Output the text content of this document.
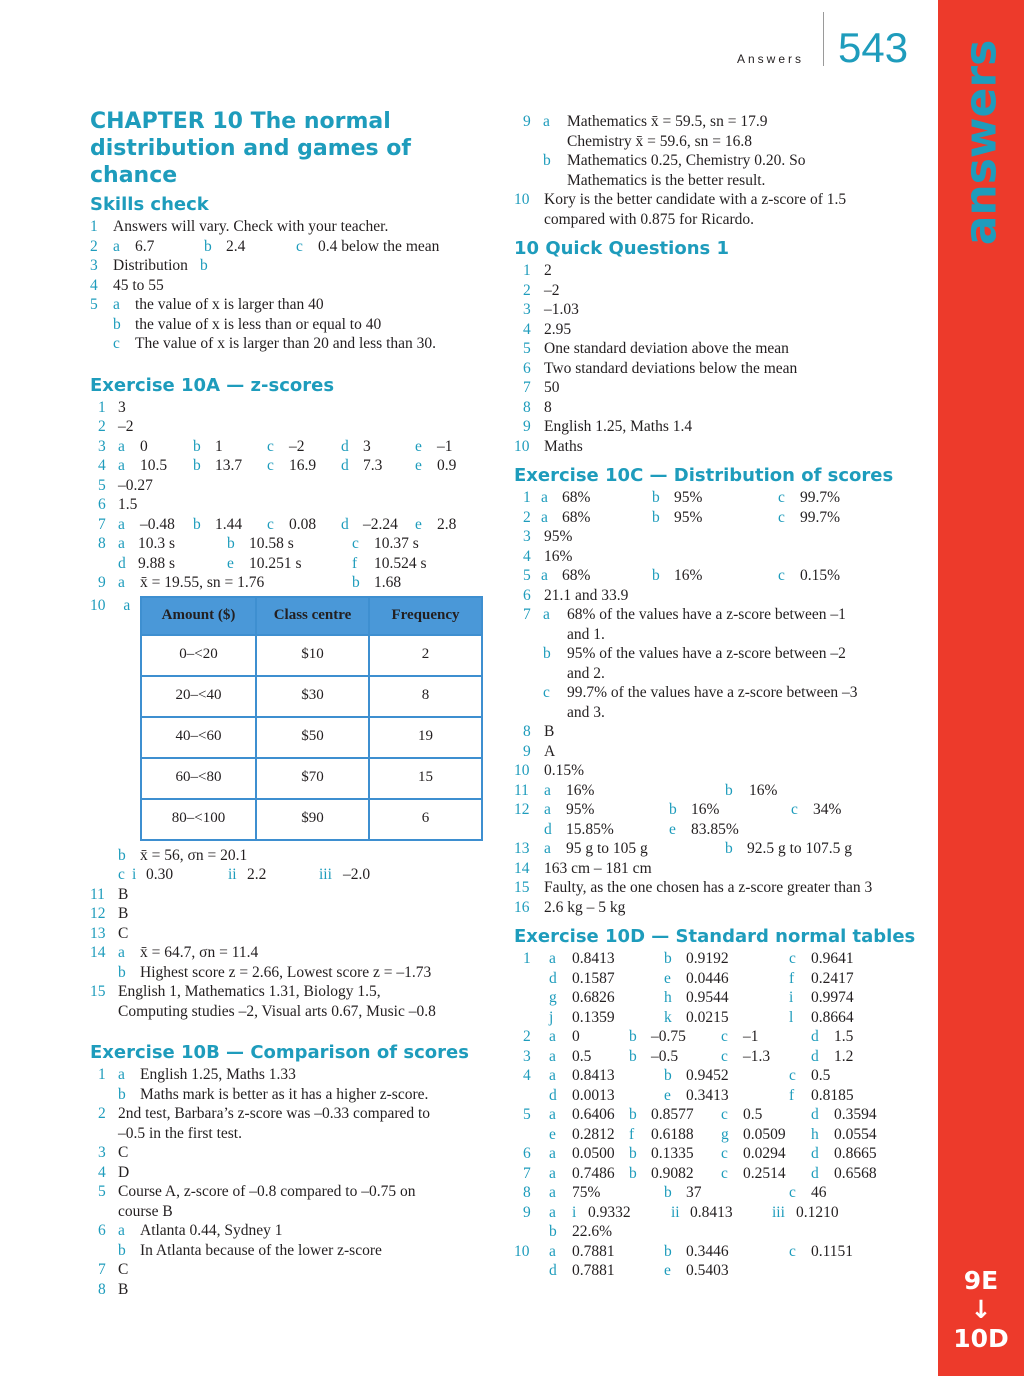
Answers 543 answers
9E
↓
10D
CHAPTER 10 The normal distribution and games of chance
Skills check
1 Answers will vary. Check with your teacher.
2 a 6.7	b 2.4	c 0.4 below the mean
3 Distribution b
4 45 to 55
5 a the value of x is larger than 40
b the value of x is less than or equal to 40
c The value of x is larger than 20 and less than 30.
Exercise 10A — z-scores
1 3
2 –2
3 a 0	b 1	c –2 d 3	e –1
4 a 10.5 b 13.7 c 16.9 d 7.3 e 0.9
5 –0.27
6 1.5
7 a –0.48 b 1.44 c 0.08 d –2.24 e 2.8
8 a 10.3 s	b 10.58 s	c 10.37 s
d 9.88 s	e 10.251 s	f 10.524 s
9 a x̄ = 19.55, sn = 1.76	b 1.68
10 a
Amount ($)	Class centre	Frequency
0–<20	$10	2
20–<40	$30	8
40–<60	$50	19
60–<80	$70	15
80–<100	$90	6
b x̄ = 56, σn = 20.1
c i 0.30	ii 2.2	iii –2.0
11 B
12 B
13 C
14 a x̄ = 64.7, σn = 11.4
b Highest score z = 2.66, Lowest score z = –1.73
15 English 1, Mathematics 1.31, Biology 1.5,
Computing studies –2, Visual arts 0.67, Music –0.8
Exercise 10B — Comparison of scores
1 a English 1.25, Maths 1.33
b Maths mark is better as it has a higher z-score.
2 2nd test, Barbara’s z-score was –0.33 compared to
–0.5 in the first test.
3 C
4 D
5 Course A, z-score of –0.8 compared to –0.75 on
course B
6 a Atlanta 0.44, Sydney 1
b In Atlanta because of the lower z-score
7 C
8 B
9 a Mathematics x̄ = 59.5, sn = 17.9
Chemistry x̄ = 59.6, sn = 16.8
b Mathematics 0.25, Chemistry 0.20. So
Mathematics is the better result.
10 Kory is the better candidate with a z-score of 1.5
compared with 0.875 for Ricardo.
10 Quick Questions 1
1 2
2 –2
3 –1.03
4 2.95
5 One standard deviation above the mean
6 Two standard deviations below the mean
7 50
8 8
9 English 1.25, Maths 1.4
10 Maths
Exercise 10C — Distribution of scores
1 a 68%	b 95%	c 99.7%
2 a 68%	b 95%	c 99.7%
3 95%
4 16%
5 a 68%	b 16%	c 0.15%
6 21.1 and 33.9
7 a 68% of the values have a z-score between –1
and 1.
b 95% of the values have a z-score between –2
and 2.
c 99.7% of the values have a z-score between –3
and 3.
8 B
9 A
10 0.15%
11 a 16%	b 16%
12 a 95%	b 16%	c 34%
d 15.85%	e 83.85%
13 a 95 g to 105 g	b 92.5 g to 107.5 g
14 163 cm – 181 cm
15 Faulty, as the one chosen has a z-score greater than 3
16 2.6 kg – 5 kg
Exercise 10D — Standard normal tables
1 a 0.8413	b 0.9192	c 0.9641
d 0.1587	e 0.0446	f 0.2417
g 0.6826	h 0.9544	i 0.9974
j 0.1359	k 0.0215	l 0.8664
2 a 0	b –0.75 c –1	d 1.5
3 a 0.5 b –0.5	c –1.3	d 1.2
4 a 0.8413	b 0.9452	c 0.5
d 0.0013	e 0.3413	f 0.8185
5 a 0.6406 b 0.8577 c 0.5	d 0.3594
e 0.2812 f 0.6188 g 0.0509 h 0.0554
6 a 0.0500 b 0.1335 c 0.0294 d 0.8665
7 a 0.7486 b 0.9082 c 0.2514 d 0.6568
8 a 75%	b 37	c 46
9 a i 0.9332	ii 0.8413	iii 0.1210
b 22.6%
10 a 0.7881	b 0.3446	c 0.1151
d 0.7881	e 0.5403
